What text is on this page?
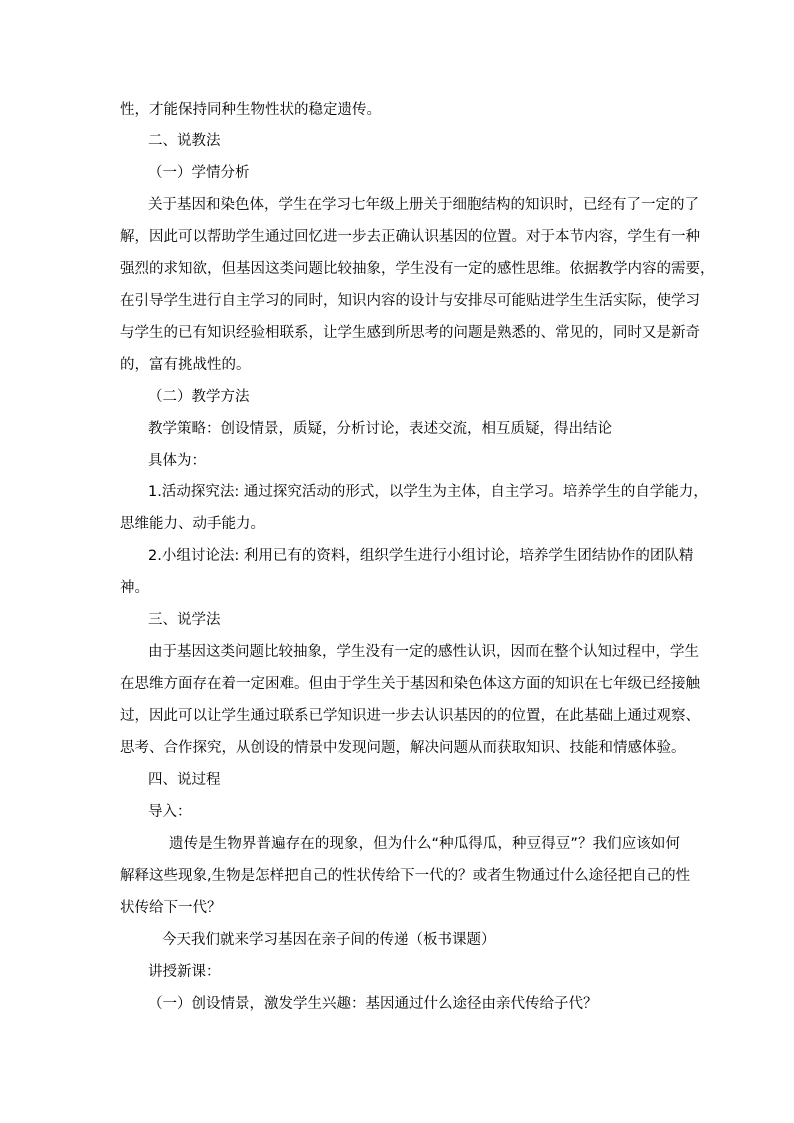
性，才能保持同种生物性状的稳定遗传。
二、说教法
（一）学情分析
关于基因和染色体，学生在学习七年级上册关于细胞结构的知识时，已经有了一定的了
解，因此可以帮助学生通过回忆进一步去正确认识基因的位置。对于本节内容，学生有一种
强烈的求知欲，但基因这类问题比较抽象，学生没有一定的感性思维。依据教学内容的需要，
在引导学生进行自主学习的同时，知识内容的设计与安排尽可能贴进学生生活实际，使学习
与学生的已有知识经验相联系，让学生感到所思考的问题是熟悉的、常见的，同时又是新奇
的，富有挑战性的。
（二）教学方法
教学策略：创设情景，质疑，分析讨论，表述交流，相互质疑，得出结论
具体为：
1.活动探究法: 通过探究活动的形式，以学生为主体，自主学习。培养学生的自学能力，
思维能力、动手能力。
2.小组讨论法: 利用已有的资料，组织学生进行小组讨论，培养学生团结协作的团队精
神。
三、说学法
由于基因这类问题比较抽象，学生没有一定的感性认识，因而在整个认知过程中，学生
在思维方面存在着一定困难。但由于学生关于基因和染色体这方面的知识在七年级已经接触
过，因此可以让学生通过联系已学知识进一步去认识基因的的位置，在此基础上通过观察、
思考、合作探究，从创设的情景中发现问题，解决问题从而获取知识、技能和情感体验。
四、说过程
导入：
遗传是生物界普遍存在的现象，但为什么“种瓜得瓜，种豆得豆”？我们应该如何
解释这些现象,生物是怎样把自己的性状传给下一代的？或者生物通过什么途径把自己的性
状传给下一代？
今天我们就来学习基因在亲子间的传递（板书课题）
讲授新课：
（一）创设情景，激发学生兴趣：基因通过什么途径由亲代传给子代？
